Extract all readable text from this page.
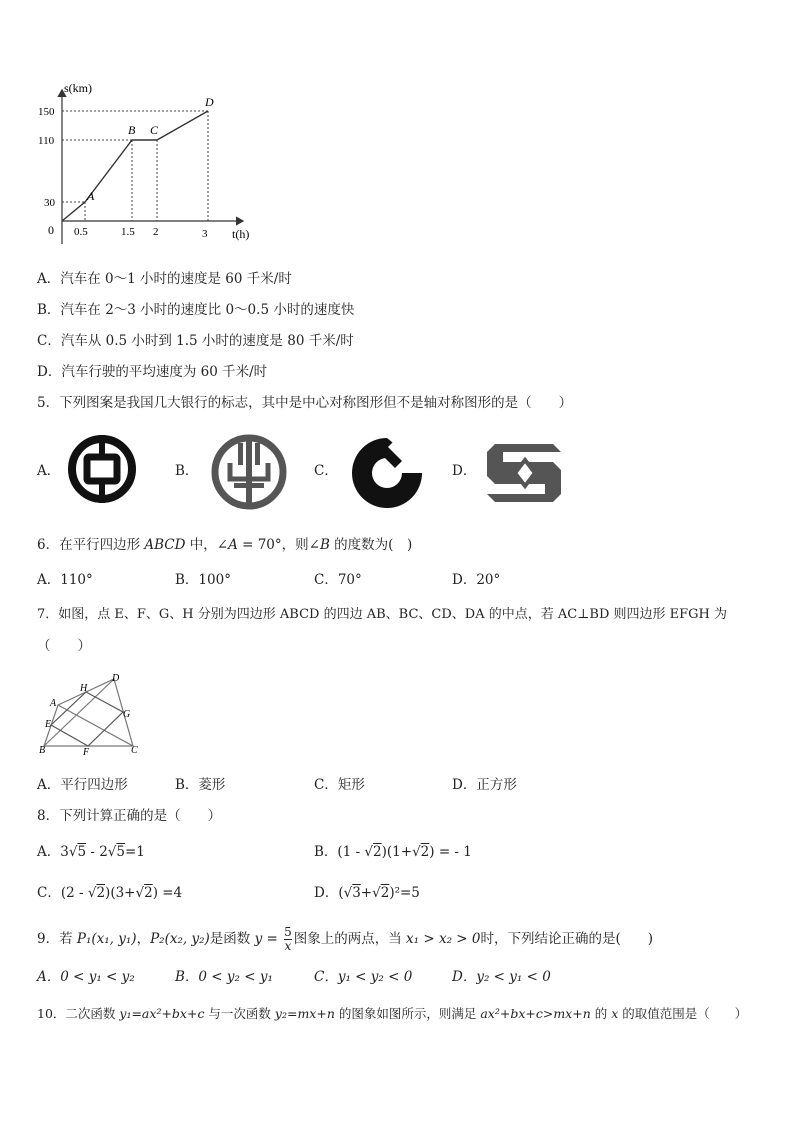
s(km)
t(h)
0
150
110
30
0.5	1.5 2	3
A
B C
D
A．汽车在 0～1 小时的速度是 60 千米/时
B．汽车在 2～3 小时的速度比 0～0.5 小时的速度快
C．汽车从 0.5 小时到 1.5 小时的速度是 80 千米/时
D．汽车行驶的平均速度为 60 千米/时
5．下列图案是我国几大银行的标志，其中是中心对称图形但不是轴对称图形的是（　　）
A．	B．	C．	D．
6．在平行四边形 ABCD 中，∠A = 70°，则∠B 的度数为(　)
A．110°	B．100°	C．70°	D．20°
7．如图，点 E、F、G、H 分别为四边形 ABCD 的四边 AB、BC、CD、DA 的中点，若 AC⊥BD 则四边形 EFGH 为
（　　）
A
H
D
E
G
B	F	C
A．平行四边形	B．菱形	C．矩形	D．正方形
8．下列计算正确的是（　　）
A．3√5 - 2√5=1	B．(1 - √2)(1+√2) = - 1
C．(2 - √2)(3+√2) =4	D．(√3+√2)²=5
9．若 P₁(x₁, y₁)，P₂(x₂, y₂)是函数 $y = \frac{5}{x}$ 图象上的两点，当 x₁ > x₂ > 0时，下列结论正确的是(　　)
A．0 < y₁ < y₂	B．0 < y₂ < y₁	C．y₁ < y₂ < 0	D．y₂ < y₁ < 0
10．二次函数 y₁=ax²+bx+c 与一次函数 y₂=mx+n 的图象如图所示，则满足 ax²+bx+c>mx+n 的 x 的取值范围是（　　）
